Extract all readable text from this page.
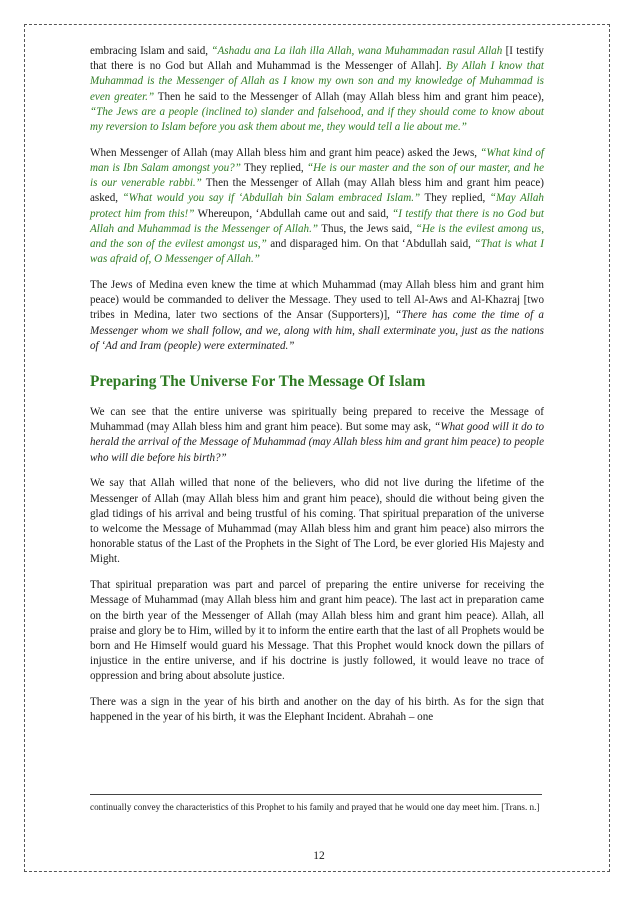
embracing Islam and said, “Ashadu ana La ilah illa Allah, wana Muhammadan rasul Allah [I testify that there is no God but Allah and Muhammad is the Messenger of Allah]. By Allah I know that Muhammad is the Messenger of Allah as I know my own son and my knowledge of Muhammad is even greater.” Then he said to the Messenger of Allah (may Allah bless him and grant him peace), “The Jews are a people (inclined to) slander and falsehood, and if they should come to know about my reversion to Islam before you ask them about me, they would tell a lie about me.”

When Messenger of Allah (may Allah bless him and grant him peace) asked the Jews, “What kind of man is Ibn Salam amongst you?” They replied, “He is our master and the son of our master, and he is our venerable rabbi.” Then the Messenger of Allah (may Allah bless him and grant him peace) asked, “What would you say if ‘Abdullah bin Salam embraced Islam.” They replied, “May Allah protect him from this!” Whereupon, ‘Abdullah came out and said, “I testify that there is no God but Allah and Muhammad is the Messenger of Allah.” Thus, the Jews said, “He is the evilest among us, and the son of the evilest amongst us,” and disparaged him. On that ‘Abdullah said, “That is what I was afraid of, O Messenger of Allah.”

The Jews of Medina even knew the time at which Muhammad (may Allah bless him and grant him peace) would be commanded to deliver the Message. They used to tell Al-Aws and Al-Khazraj [two tribes in Medina, later two sections of the Ansar (Supporters)], “There has come the time of a Messenger whom we shall follow, and we, along with him, shall exterminate you, just as the nations of ‘Ad and Iram (people) were exterminated.”

Preparing The Universe For The Message Of Islam

We can see that the entire universe was spiritually being prepared to receive the Message of Muhammad (may Allah bless him and grant him peace). But some may ask, “What good will it do to herald the arrival of the Message of Muhammad (may Allah bless him and grant him peace) to people who will die before his birth?”

We say that Allah willed that none of the believers, who did not live during the lifetime of the Messenger of Allah (may Allah bless him and grant him peace), should die without being given the glad tidings of his arrival and being trustful of his coming. That spiritual preparation of the universe to welcome the Message of Muhammad (may Allah bless him and grant him peace) also mirrors the honorable status of the Last of the Prophets in the Sight of The Lord, be ever gloried His Majesty and Might.

That spiritual preparation was part and parcel of preparing the entire universe for receiving the Message of Muhammad (may Allah bless him and grant him peace). The last act in preparation came on the birth year of the Messenger of Allah (may Allah bless him and grant him peace). Allah, all praise and glory be to Him, willed by it to inform the entire earth that the last of all Prophets would be born and He Himself would guard his Message. That this Prophet would knock down the pillars of injustice in the entire universe, and if his doctrine is justly followed, it would leave no trace of oppression and bring about absolute justice.

There was a sign in the year of his birth and another on the day of his birth. As for the sign that happened in the year of his birth, it was the Elephant Incident. Abrahah – one

continually convey the characteristics of this Prophet to his family and prayed that he would one day meet him. [Trans. n.]

12
